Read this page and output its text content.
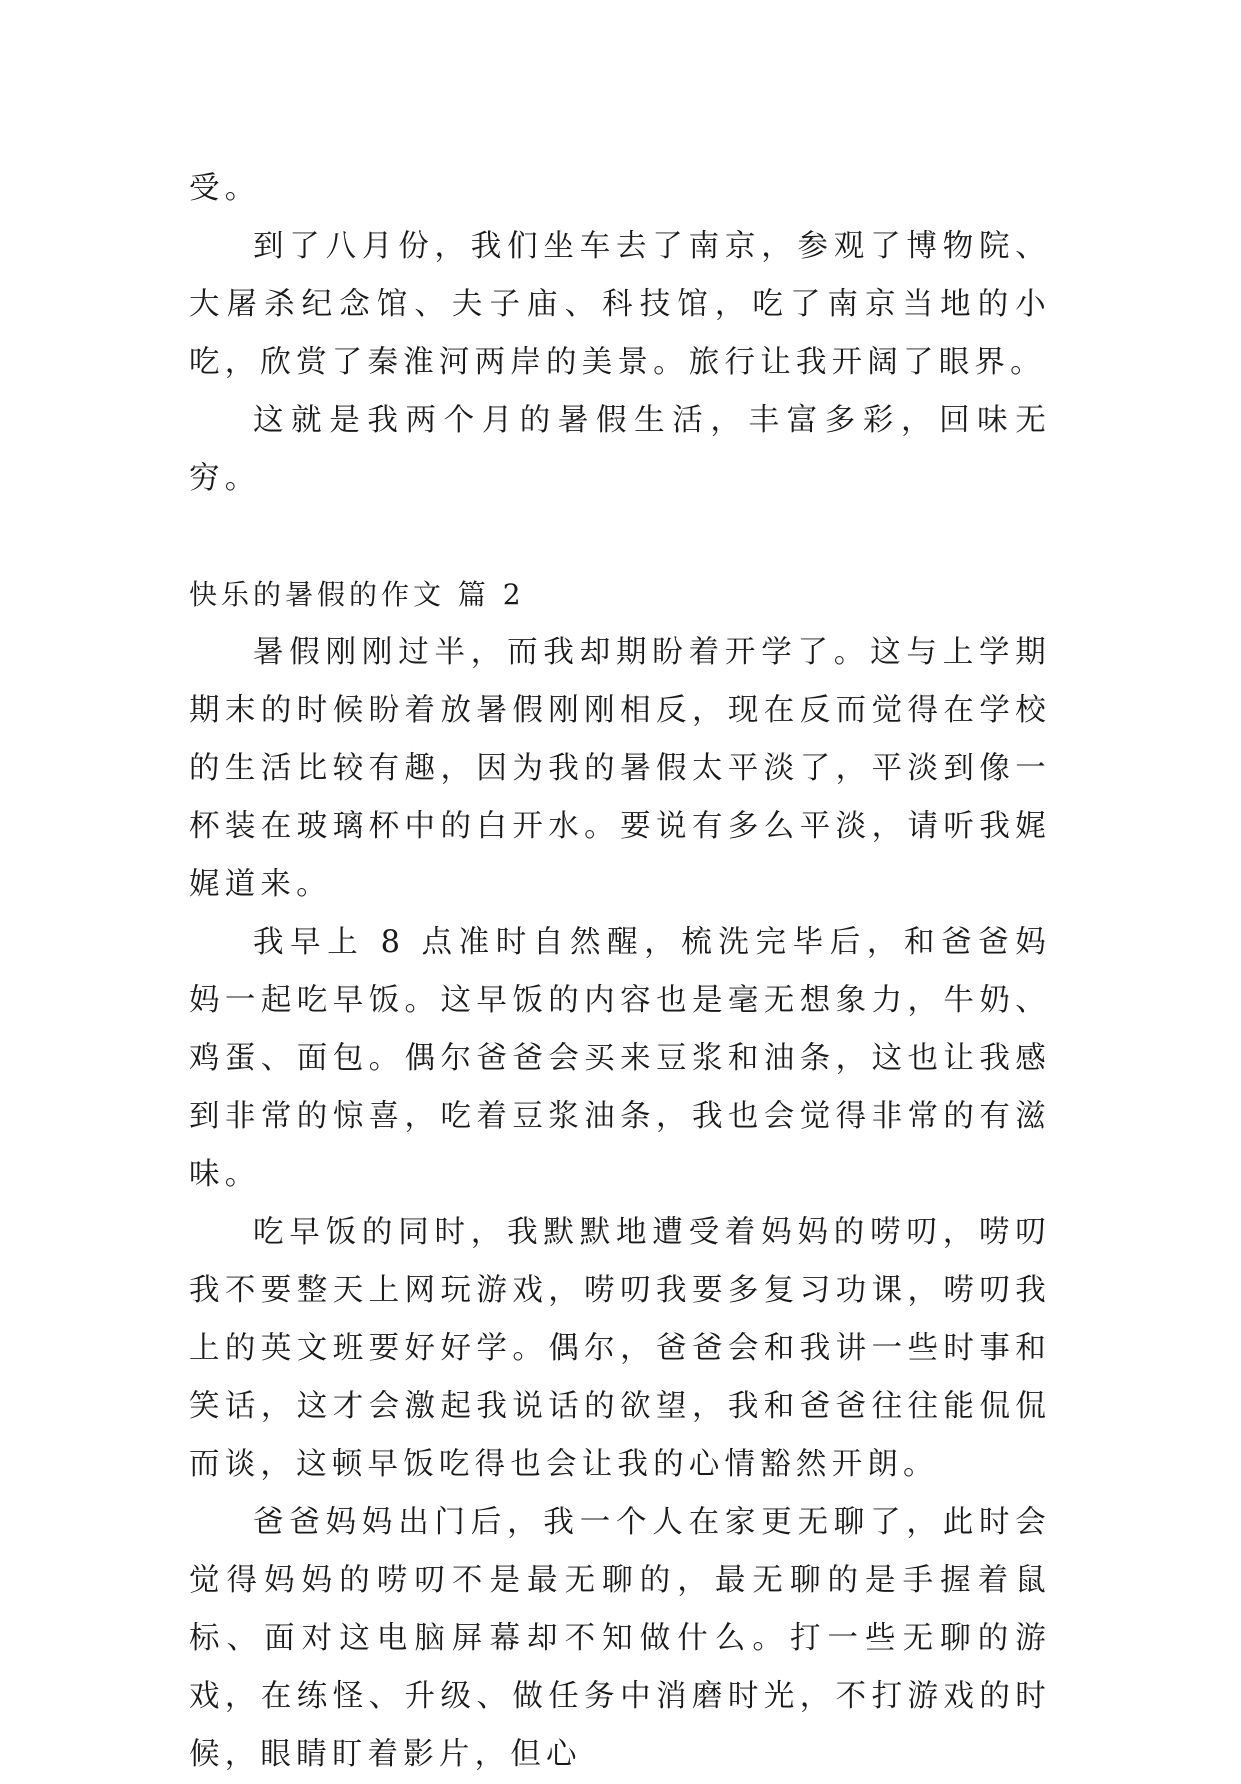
受。

到了八月份，我们坐车去了南京，参观了博物院、大屠杀纪念馆、夫子庙、科技馆，吃了南京当地的小吃，欣赏了秦淮河两岸的美景。旅行让我开阔了眼界。

这就是我两个月的暑假生活，丰富多彩，回味无穷。

快乐的暑假的作文 篇 2

暑假刚刚过半，而我却期盼着开学了。这与上学期期末的时候盼着放暑假刚刚相反，现在反而觉得在学校的生活比较有趣，因为我的暑假太平淡了，平淡到像一杯装在玻璃杯中的白开水。要说有多么平淡，请听我娓娓道来。

我早上 8 点准时自然醒，梳洗完毕后，和爸爸妈妈一起吃早饭。这早饭的内容也是毫无想象力，牛奶、鸡蛋、面包。偶尔爸爸会买来豆浆和油条，这也让我感到非常的惊喜，吃着豆浆油条，我也会觉得非常的有滋味。

吃早饭的同时，我默默地遭受着妈妈的唠叨，唠叨我不要整天上网玩游戏，唠叨我要多复习功课，唠叨我上的英文班要好好学。偶尔，爸爸会和我讲一些时事和笑话，这才会激起我说话的欲望，我和爸爸往往能侃侃而谈，这顿早饭吃得也会让我的心情豁然开朗。

爸爸妈妈出门后，我一个人在家更无聊了，此时会觉得妈妈的唠叨不是最无聊的，最无聊的是手握着鼠标、面对这电脑屏幕却不知做什么。打一些无聊的游戏，在练怪、升级、做任务中消磨时光，不打游戏的时候，眼睛盯着影片，但心
